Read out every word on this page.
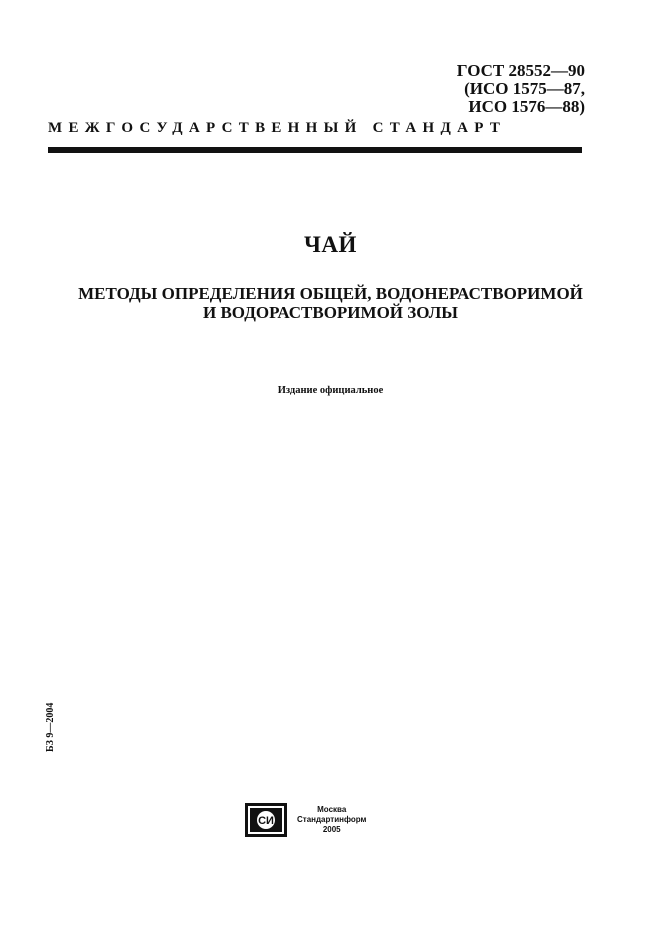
ГОСТ 28552—90
(ИСО 1575—87,
ИСО 1576—88)
МЕЖГОСУДАРСТВЕННЫЙ СТАНДАРТ
ЧАЙ
МЕТОДЫ ОПРЕДЕЛЕНИЯ ОБЩЕЙ, ВОДОНЕРАСТВОРИМОЙ
И ВОДОРАСТВОРИМОЙ ЗОЛЫ
Издание официальное
БЗ 9—2004
СИ
Москва
Стандартинформ
2005
